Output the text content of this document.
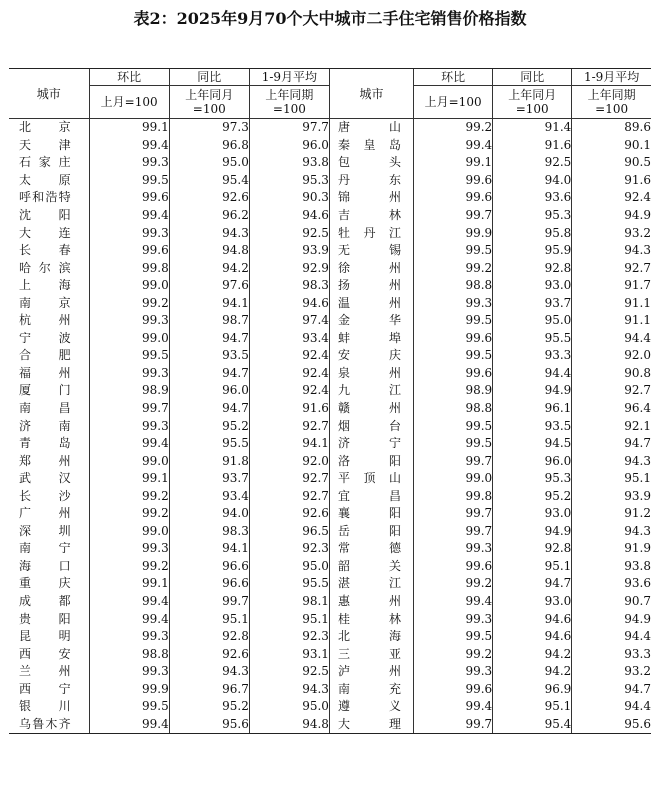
表2：2025年9月70个大中城市二手住宅销售价格指数
城市	环比	同比	1-9月平均	城市	环比	同比	1-9月平均
	上月=100	上年同月=100	上年同期=100		上月=100	上年同月=100	上年同期=100
北京	99.1	97.3	97.7	唐山	99.2	91.4	89.6
天津	99.4	96.8	96.0	秦皇岛	99.4	91.6	90.1
石家庄	99.3	95.0	93.8	包头	99.1	92.5	90.5
太原	99.5	95.4	95.3	丹东	99.6	94.0	91.6
呼和浩特	99.6	92.6	90.3	锦州	99.6	93.6	92.4
沈阳	99.4	96.2	94.6	吉林	99.7	95.3	94.9
大连	99.3	94.3	92.5	牡丹江	99.9	95.8	93.2
长春	99.6	94.8	93.9	无锡	99.5	95.9	94.3
哈尔滨	99.8	94.2	92.9	徐州	99.2	92.8	92.7
上海	99.0	97.6	98.3	扬州	98.8	93.0	91.7
南京	99.2	94.1	94.6	温州	99.3	93.7	91.1
杭州	99.3	98.7	97.4	金华	99.5	95.0	91.1
宁波	99.0	94.7	93.4	蚌埠	99.6	95.5	94.4
合肥	99.5	93.5	92.4	安庆	99.5	93.3	92.0
福州	99.3	94.7	92.4	泉州	99.6	94.4	90.8
厦门	98.9	96.0	92.4	九江	98.9	94.9	92.7
南昌	99.7	94.7	91.6	赣州	98.8	96.1	96.4
济南	99.3	95.2	92.7	烟台	99.5	93.5	92.1
青岛	99.4	95.5	94.1	济宁	99.5	94.5	94.7
郑州	99.0	91.8	92.0	洛阳	99.7	96.0	94.3
武汉	99.1	93.7	92.7	平顶山	99.0	95.3	95.1
长沙	99.2	93.4	92.7	宜昌	99.8	95.2	93.9
广州	99.2	94.0	92.6	襄阳	99.7	93.0	91.2
深圳	99.0	98.3	96.5	岳阳	99.7	94.9	94.3
南宁	99.3	94.1	92.3	常德	99.3	92.8	91.9
海口	99.2	96.6	95.0	韶关	99.6	95.1	93.8
重庆	99.1	96.6	95.5	湛江	99.2	94.7	93.6
成都	99.4	99.7	98.1	惠州	99.4	93.0	90.7
贵阳	99.4	95.1	95.1	桂林	99.3	94.6	94.9
昆明	99.3	92.8	92.3	北海	99.5	94.6	94.4
西安	98.8	92.6	93.1	三亚	99.2	94.2	93.3
兰州	99.3	94.3	92.5	泸州	99.3	94.2	93.2
西宁	99.9	96.7	94.3	南充	99.6	96.9	94.7
银川	99.5	95.2	95.0	遵义	99.4	95.1	94.4
乌鲁木齐	99.4	95.6	94.8	大理	99.7	95.4	95.6
